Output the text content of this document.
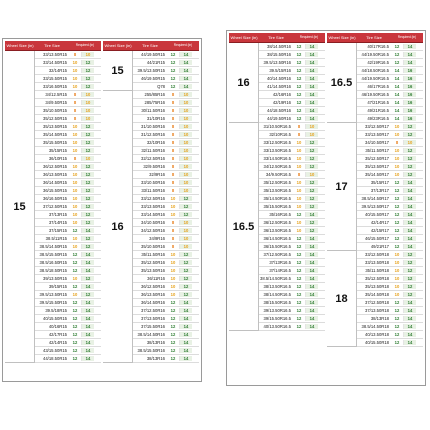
Wheel Size (in)	Tire Size	Required (in)
15
33/13.50R15	8	10
33/14.50R15	10	12
32/14R15	10	12
33/15.50R15	10	12
33/16.50R15	10	12
34/12.5R15	8	10
34/9.50R15	8	10
35/10.50R15	8	10
35/12.50R15	8	10
35/13.50R15	10	12
35/14.50R15	10	12
35/15.50R15	10	12
35/15R15	10	12
36/10R15	8	10
36/12.50R15	10	12
36/13.50R15	10	12
36/14.50R15	10	12
36/15.50R15	10	12
36/16.50R15	10	12
37/12.50R15	10	12
37/13R15	10	12
37/14R15	10	12
37/15R15	12	14
38.5/11R15	10	12
38.5/14.50R15	10	12
38.5/15.50R15	12	14
38.5/16.50R15	12	14
38.5/18.50R15	12	14
39/13.50R15	10	12
39/15R15	12	14
39.5/13.50R15	10	12
39.5/15.50R15	12	14
39.5/18R15	12	14
40/15.50R15	12	14
40/16R15	12	14
42/17R15	12	14
42/14R15	12	14
43/15.50R15	12	14
44/18.50R15	12	14
Wheel Size (in)	Tire Size	Required (in)
15
16
44/19.50R15	12	14
44/21R15	12	14
39.5/13.50R15	12	14
46/19.50R15	12	14
Q78	12	14
255/85R16	8	10
285/75R16	8	10
30/11.50R16	8	10
31/10R16	8	10
31/10.50R16	8	10
31/12.50R16	8	10
32/10R16	8	10
32/11.50R16	8	10
32/12.50R16	8	10
32/9.50R16	8	10
32/9R16	8	10
33/10.50R16	8	10
33/11.50R16	8	10
33/12.50R16	10	12
33/13.50R16	10	12
33/14.50R16	10	12
34/10.50R16	8	10
34/12.50R16	8	10
34/9R16	8	10
35/10.50R16	8	10
35/11.50R16	10	12
35/12.50R16	10	12
35/13.50R16	10	12
36/11R16	10	12
36/12.50R16	10	12
36/13.50R16	10	12
36/14.50R16	12	14
37/12.50R16	12	14
37/13.50R16	12	14
37/15.50R16	12	14
38.5/14.50R16	12	14
38/13R16	12	14
38.5/15.50R16	12	14
38/13R16	12	14
Wheel Size (in)	Tire Size	Required (in)
16
16.5
38/14.50R16	12	14
38/15.50R16	12	14
39.5/13.50R16	12	14
39.5/15R16	12	14
40/14.50R16	12	14
41/14.50R16	12	14
42/16R16	12	14
42/19R16	12	14
44/18.50R16	12	14
44/19.50R16	12	14
31/10.50R16.5	8	10
32/10R16.5	8	10
33/12.50R16.5	10	12
33/13.50R16.5	10	12
33/14.50R16.5	10	12
34/12.50R16.5	10	12
34/9.50R16.5	8	10
35/12.50R16.5	10	12
35/13.50R16.5	10	12
35/14.50R16.5	10	12
35/15.50R16.5	10	12
35/16R16.5	12	14
36/12.50R16.5	10	12
36/13.50R16.5	10	12
36/14.50R16.5	12	14
36/15.50R16.5	12	14
37/12.50R16.5	12	14
37/13R16.5	12	14
37/14R16.5	12	14
38.5/14.50R16.5	12	14
38/13.50R16.5	12	14
38/14.50R16.5	12	14
38/15.50R16.5	12	14
39/13.50R16.5	12	14
39/15.50R16.5	12	14
40/13.50R16.5	12	14
Wheel Size (in)	Tire Size	Required (in)
16.5
17
18
40/17R16.5	12	14
44/19.50R16.5	12	14
42/19R16.5	12	14
44/18.50R16.5	14	16
44/19.50R16.5	14	16
46/17R16.5	14	16
46/19.50R16.5	14	16
47/21R16.5	14	16
49/21R16.5	14	16
49/23R16.5	14	16
33/12.50R17	10	12
33/13.50R17	10	12
34/10.50R17	8	10
35/11.50R17	10	12
35/12.50R17	10	12
35/13.50R17	10	12
35/14.50R17	10	12
35/15R17	12	14
37/13R17	12	14
38.5/14.50R17	12	14
39.5/13.50R17	12	14
40/15.50R17	12	14
42/14R17	12	14
42/15R17	12	14
46/15.50R17	12	14
49/21R17	12	14
33/12.50R18	10	12
33/13.50R18	10	12
35/11.50R18	10	12
35/12.50R18	10	12
35/13.50R18	10	12
35/14.50R18	10	12
37/12.50R18	12	14
37/13.50R18	12	14
38/13R18	12	14
38.5/14.50R18	12	14
40/13.50R18	12	14
40/15.50R18	12	14
